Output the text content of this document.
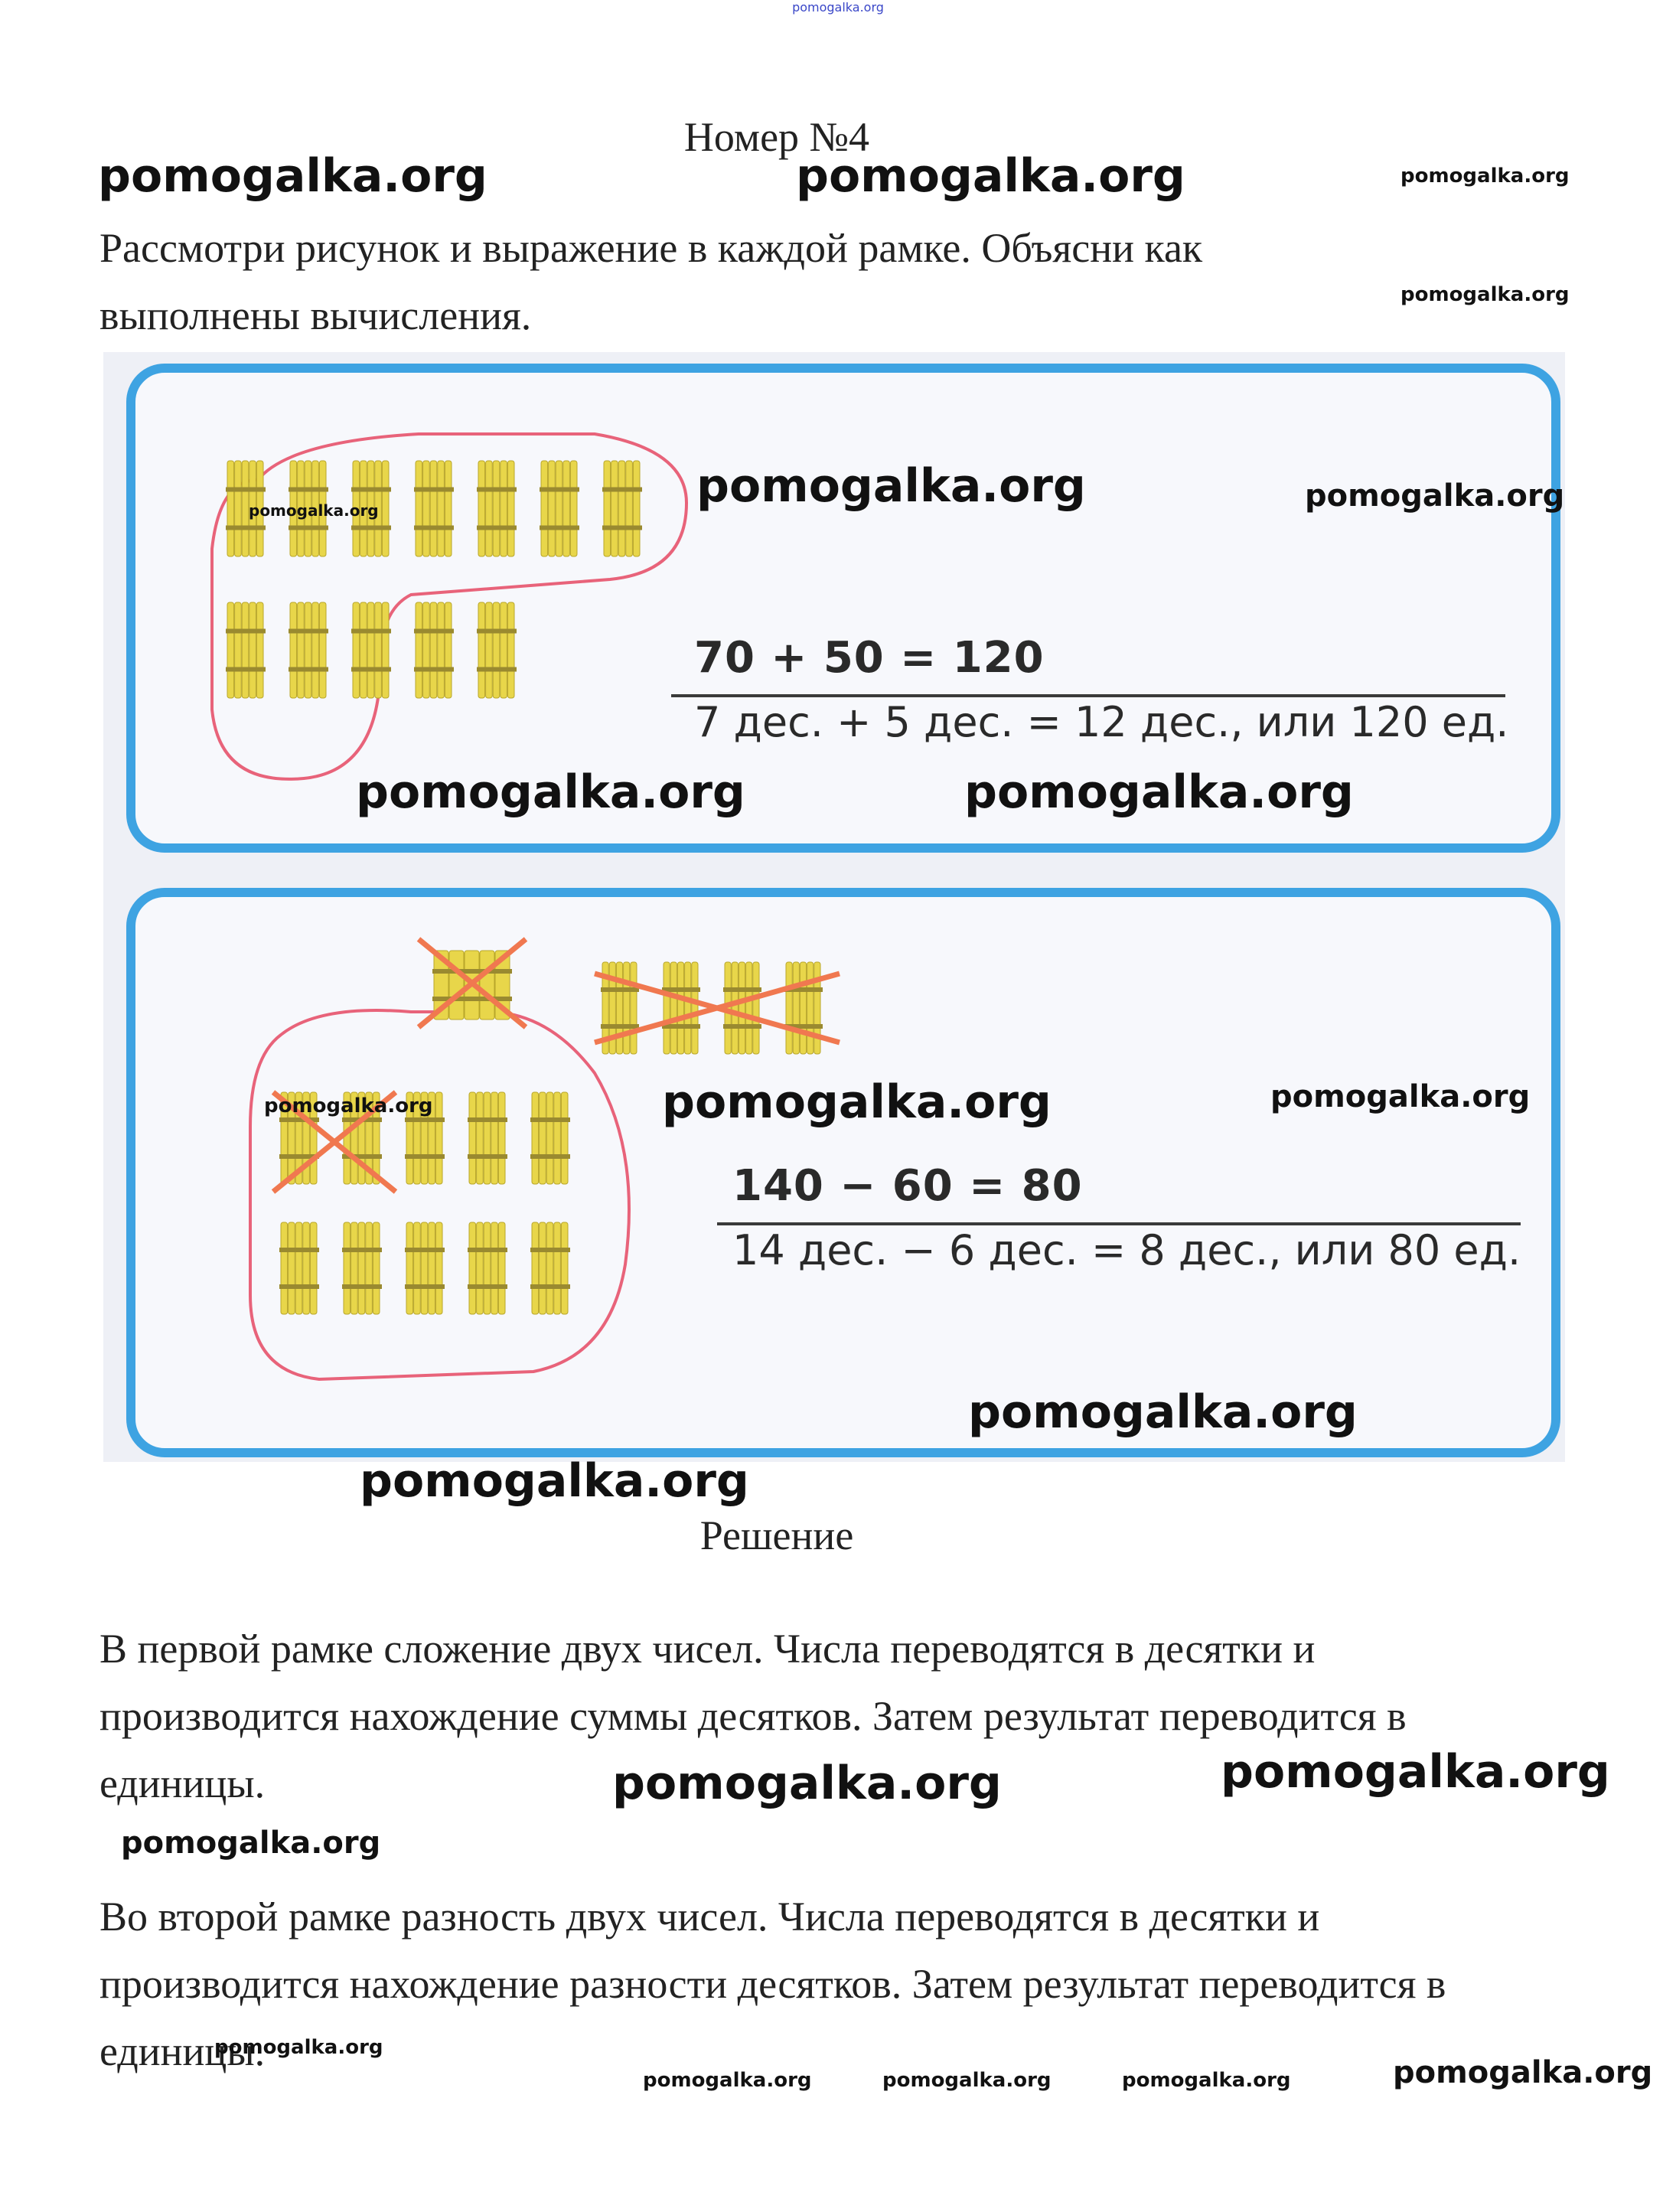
pomogalka.org
Номер №4
Рассмотри рисунок и выражение в каждой рамке. Объясни как выполнены вычисления.
70 + 50 = 120
7 дес. + 5 дес. = 12 дес., или 120 ед.
140 − 60 = 80
14 дес. − 6 дес. = 8 дес., или 80 ед.
Решение
В первой рамке сложение двух чисел. Числа переводятся в десятки и производится нахождение суммы десятков. Затем результат переводится в единицы.
Во второй рамке разность двух чисел. Числа переводятся в десятки и производится нахождение разности десятков. Затем результат переводится в единицы.
pomogalka.org	pomogalka.org	pomogalka.org
pomogalka.org
pomogalka.org	pomogalka.org
pomogalka.org
pomogalka.org	pomogalka.org
pomogalka.org	pomogalka.org	pomogalka.org
pomogalka.org
pomogalka.org
pomogalka.org	pomogalka.org
pomogalka.org
pomogalka.org
pomogalka.org	pomogalka.org	pomogalka.org	pomogalka.org
